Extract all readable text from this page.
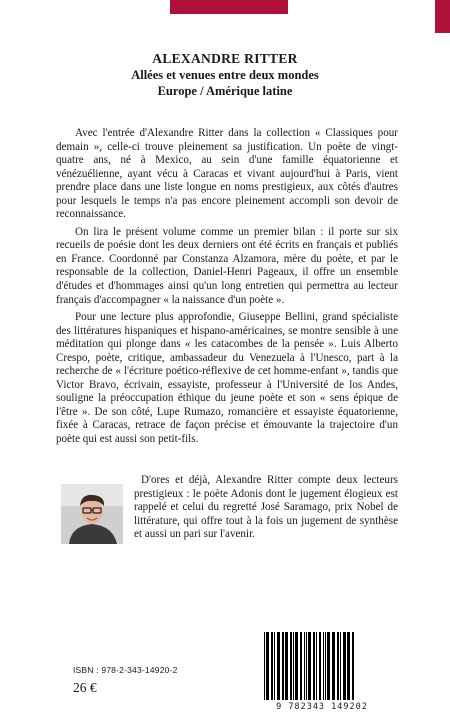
ALEXANDRE RITTER
Allées et venues entre deux mondes
Europe / Amérique latine

Avec l'entrée d'Alexandre Ritter dans la collection « Classiques pour demain », celle-ci trouve pleinement sa justification. Un poète de vingt-quatre ans, né à Mexico, au sein d'une famille équatorienne et vénézuélienne, ayant vécu à Caracas et vivant aujourd'hui à Paris, vient prendre place dans une liste longue en noms prestigieux, aux côtés d'autres pour lesquels le temps n'a pas encore pleinement accompli son devoir de reconnaissance.

On lira le présent volume comme un premier bilan : il porte sur six recueils de poésie dont les deux derniers ont été écrits en français et publiés en France. Coordonné par Constanza Alzamora, mère du poète, et par le responsable de la collection, Daniel-Henri Pageaux, il offre un ensemble d'études et d'hommages ainsi qu'un long entretien qui permettra au lecteur français d'accompagner « la naissance d'un poète ».

Pour une lecture plus approfondie, Giuseppe Bellini, grand spécialiste des littératures hispaniques et hispano-américaines, se montre sensible à une méditation qui plonge dans « les catacombes de la pensée ». Luis Alberto Crespo, poète, critique, ambassadeur du Venezuela à l'Unesco, part à la recherche de « l'écriture poético-réflexive de cet homme-enfant », tandis que Victor Bravo, écrivain, essayiste, professeur à l'Université de los Andes, souligne la préoccupation éthique du jeune poète et son « sens épique de l'être ». De son côté, Lupe Rumazo, romancière et essayiste équatorienne, fixée à Caracas, retrace de façon précise et émouvante la trajectoire d'un poète qui est aussi son petit-fils.

D'ores et déjà, Alexandre Ritter compte deux lecteurs prestigieux : le poète Adonis dont le jugement élogieux est rappelé et celui du regretté José Saramago, prix Nobel de littérature, qui offre tout à la fois un jugement de synthèse et aussi un pari sur l'avenir.

ISBN : 978-2-343-14920-2
26 €
9 782343 149202
